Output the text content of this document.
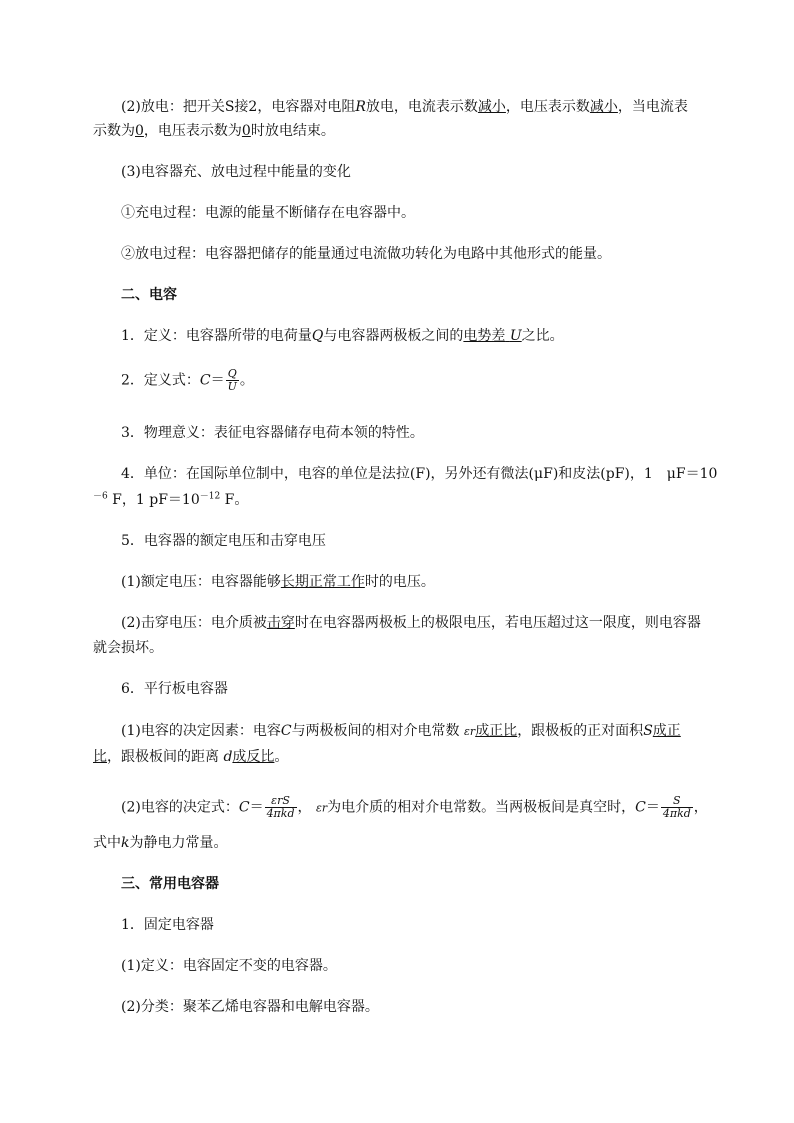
(2)放电：把开关S接2，电容器对电阻R放电，电流表示数减小，电压表示数减小，当电流表
示数为0，电压表示数为0时放电结束。
(3)电容器充、放电过程中能量的变化
①充电过程：电源的能量不断储存在电容器中。
②放电过程：电容器把储存的能量通过电流做功转化为电路中其他形式的能量。
二、电容
1．定义：电容器所带的电荷量Q与电容器两极板之间的电势差 U之比。
2．定义式：$C= \frac{Q}{U}$ 。
3．物理意义：表征电容器储存电荷本领的特性。
4．单位：在国际单位制中，电容的单位是法拉(F)，另外还有微法(μF)和皮法(pF)，1　μF＝10
$^{-6}$ F，1 $pF=10^{-12}$ F。
5．电容器的额定电压和击穿电压
(1)额定电压：电容器能够长期正常工作时的电压。
(2)击穿电压：电介质被击穿时在电容器两极板上的极限电压，若电压超过这一限度，则电容器
就会损坏。
6．平行板电容器
(1)电容的决定因素：电容C与两极板间的相对介电常数 εr成正比，跟极板的正对面积S成正
比，跟极板间的距离 d成反比。
(2)电容的决定式：$C= \frac{\text{εrS}}{\text{4πkd}}$ ， εr为电介质的相对介电常数。当两极板间是真空时，$C= \frac{S}{\text{4πkd}}$ ，
式中k为静电力常量。
三、常用电容器
1．固定电容器
(1)定义：电容固定不变的电容器。
(2)分类：聚苯乙烯电容器和电解电容器。
